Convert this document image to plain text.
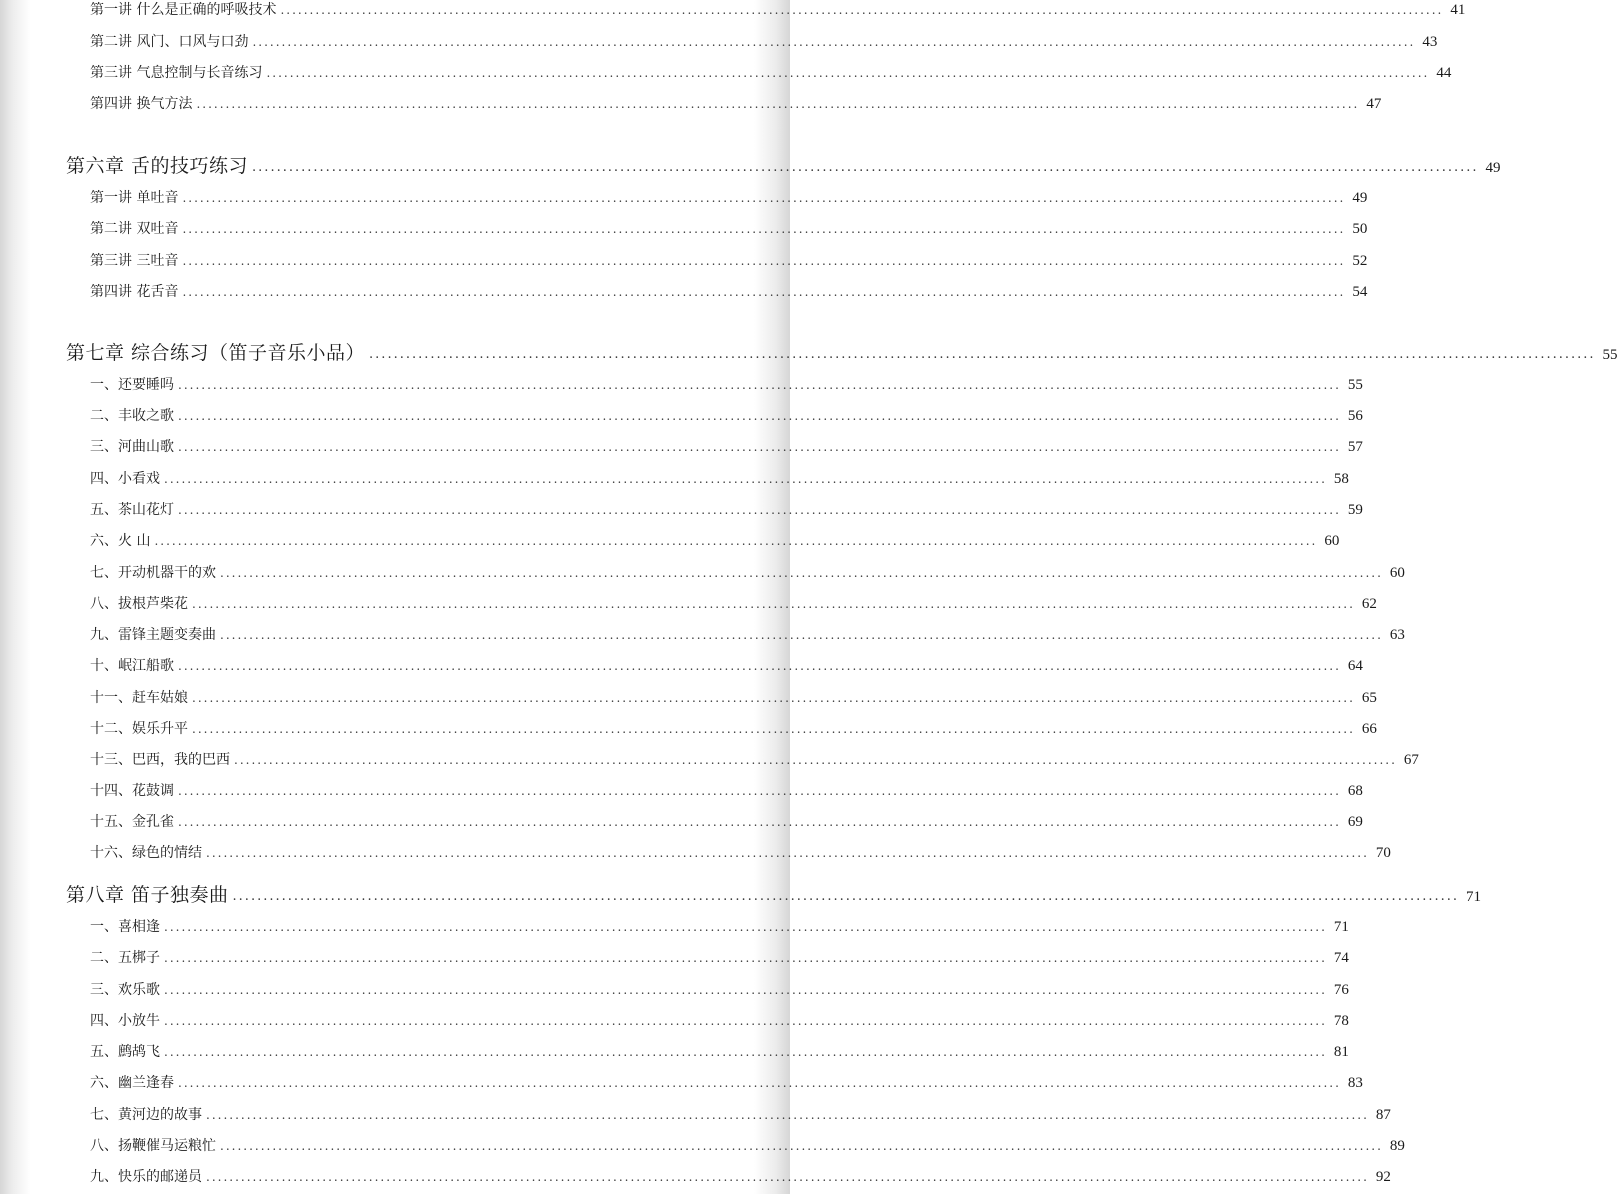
第一讲 什么是正确的呼吸技术 ........................................................................................................................................................................................................ 41
第二讲 风门、口风与口劲 ........................................................................................................................................................................................................ 43
第三讲 气息控制与长音练习 ........................................................................................................................................................................................................ 44
第四讲 换气方法 ........................................................................................................................................................................................................ 47
第六章 舌的技巧练习 ........................................................................................................................................................................................................ 49
第一讲 单吐音 ........................................................................................................................................................................................................ 49
第二讲 双吐音 ........................................................................................................................................................................................................ 50
第三讲 三吐音 ........................................................................................................................................................................................................ 52
第四讲 花舌音 ........................................................................................................................................................................................................ 54
第七章 综合练习（笛子音乐小品） ........................................................................................................................................................................................................ 55
一、还要睡吗 ........................................................................................................................................................................................................ 55
二、丰收之歌 ........................................................................................................................................................................................................ 56
三、河曲山歌 ........................................................................................................................................................................................................ 57
四、小看戏 ........................................................................................................................................................................................................ 58
五、茶山花灯 ........................................................................................................................................................................................................ 59
六、火 山 ........................................................................................................................................................................................................ 60
七、开动机器干的欢 ........................................................................................................................................................................................................ 60
八、拔根芦柴花 ........................................................................................................................................................................................................ 62
九、雷锋主题变奏曲 ........................................................................................................................................................................................................ 63
十、岷江船歌 ........................................................................................................................................................................................................ 64
十一、赶车姑娘 ........................................................................................................................................................................................................ 65
十二、娱乐升平 ........................................................................................................................................................................................................ 66
十三、巴西，我的巴西 ........................................................................................................................................................................................................ 67
十四、花鼓调 ........................................................................................................................................................................................................ 68
十五、金孔雀 ........................................................................................................................................................................................................ 69
十六、绿色的情结 ........................................................................................................................................................................................................ 70
第八章 笛子独奏曲 ........................................................................................................................................................................................................ 71
一、喜相逢 ........................................................................................................................................................................................................ 71
二、五梆子 ........................................................................................................................................................................................................ 74
三、欢乐歌 ........................................................................................................................................................................................................ 76
四、小放牛 ........................................................................................................................................................................................................ 78
五、鹧鸪飞 ........................................................................................................................................................................................................ 81
六、幽兰逢春 ........................................................................................................................................................................................................ 83
七、黄河边的故事 ........................................................................................................................................................................................................ 87
八、扬鞭催马运粮忙 ........................................................................................................................................................................................................ 89
九、快乐的邮递员 ........................................................................................................................................................................................................ 92
